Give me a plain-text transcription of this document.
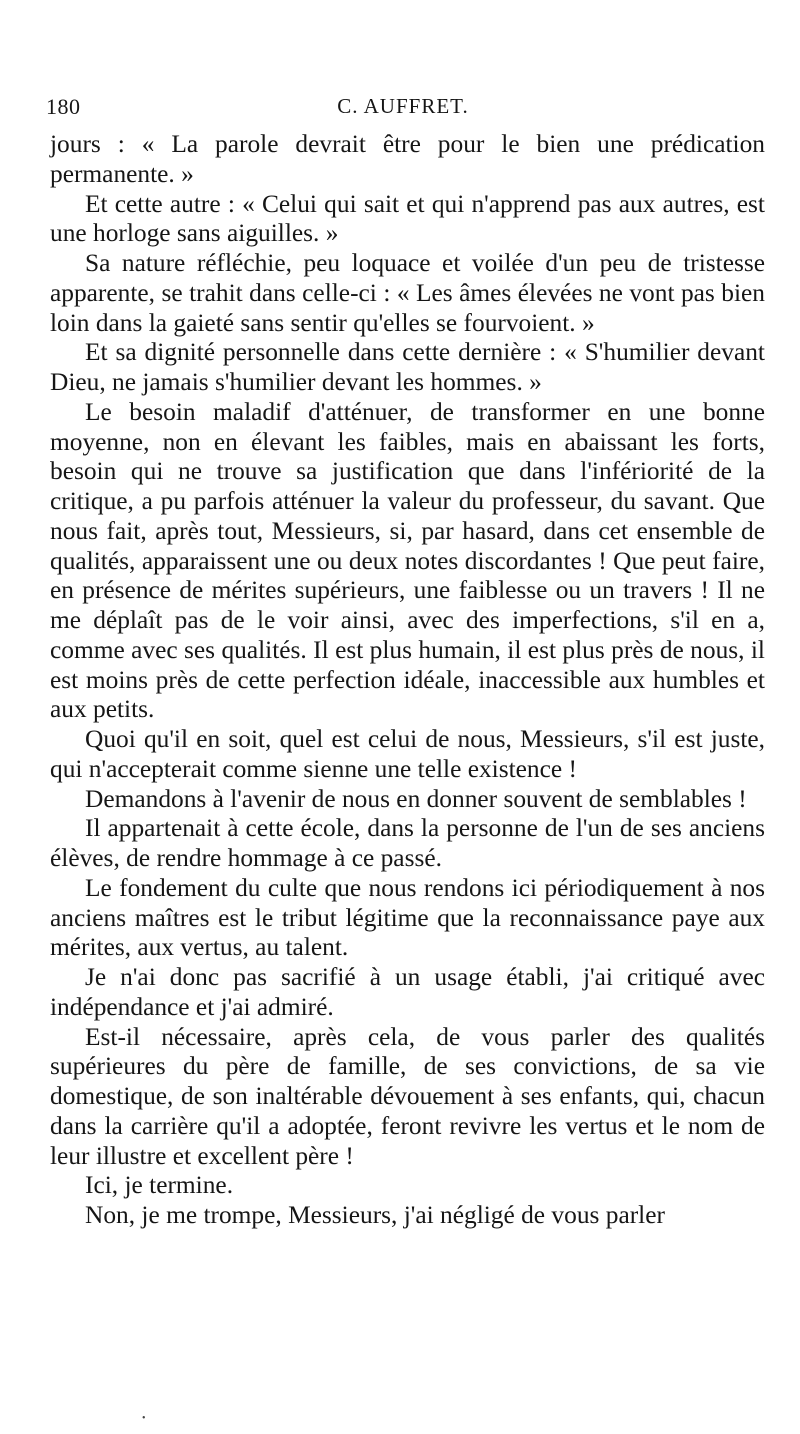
180	C. AUFFRET.

jours : « La parole devrait être pour le bien une prédication permanente. »

Et cette autre : « Celui qui sait et qui n'apprend pas aux autres, est une horloge sans aiguilles. »

Sa nature réfléchie, peu loquace et voilée d'un peu de tristesse apparente, se trahit dans celle-ci : « Les âmes élevées ne vont pas bien loin dans la gaieté sans sentir qu'elles se fourvoient. »

Et sa dignité personnelle dans cette dernière : « S'humilier devant Dieu, ne jamais s'humilier devant les hommes. »

Le besoin maladif d'atténuer, de transformer en une bonne moyenne, non en élevant les faibles, mais en abaissant les forts, besoin qui ne trouve sa justification que dans l'infériorité de la critique, a pu parfois atténuer la valeur du professeur, du savant. Que nous fait, après tout, Messieurs, si, par hasard, dans cet ensemble de qualités, apparaissent une ou deux notes discordantes ! Que peut faire, en présence de mérites supérieurs, une faiblesse ou un travers ! Il ne me déplaît pas de le voir ainsi, avec des imperfections, s'il en a, comme avec ses qualités. Il est plus humain, il est plus près de nous, il est moins près de cette perfection idéale, inaccessible aux humbles et aux petits.

Quoi qu'il en soit, quel est celui de nous, Messieurs, s'il est juste, qui n'accepterait comme sienne une telle existence !

Demandons à l'avenir de nous en donner souvent de semblables !

Il appartenait à cette école, dans la personne de l'un de ses anciens élèves, de rendre hommage à ce passé.

Le fondement du culte que nous rendons ici périodiquement à nos anciens maîtres est le tribut légitime que la reconnaissance paye aux mérites, aux vertus, au talent.

Je n'ai donc pas sacrifié à un usage établi, j'ai critiqué avec indépendance et j'ai admiré.

Est-il nécessaire, après cela, de vous parler des qualités supérieures du père de famille, de ses convictions, de sa vie domestique, de son inaltérable dévouement à ses enfants, qui, chacun dans la carrière qu'il a adoptée, feront revivre les vertus et le nom de leur illustre et excellent père !

Ici, je termine.

Non, je me trompe, Messieurs, j'ai négligé de vous parler

•
